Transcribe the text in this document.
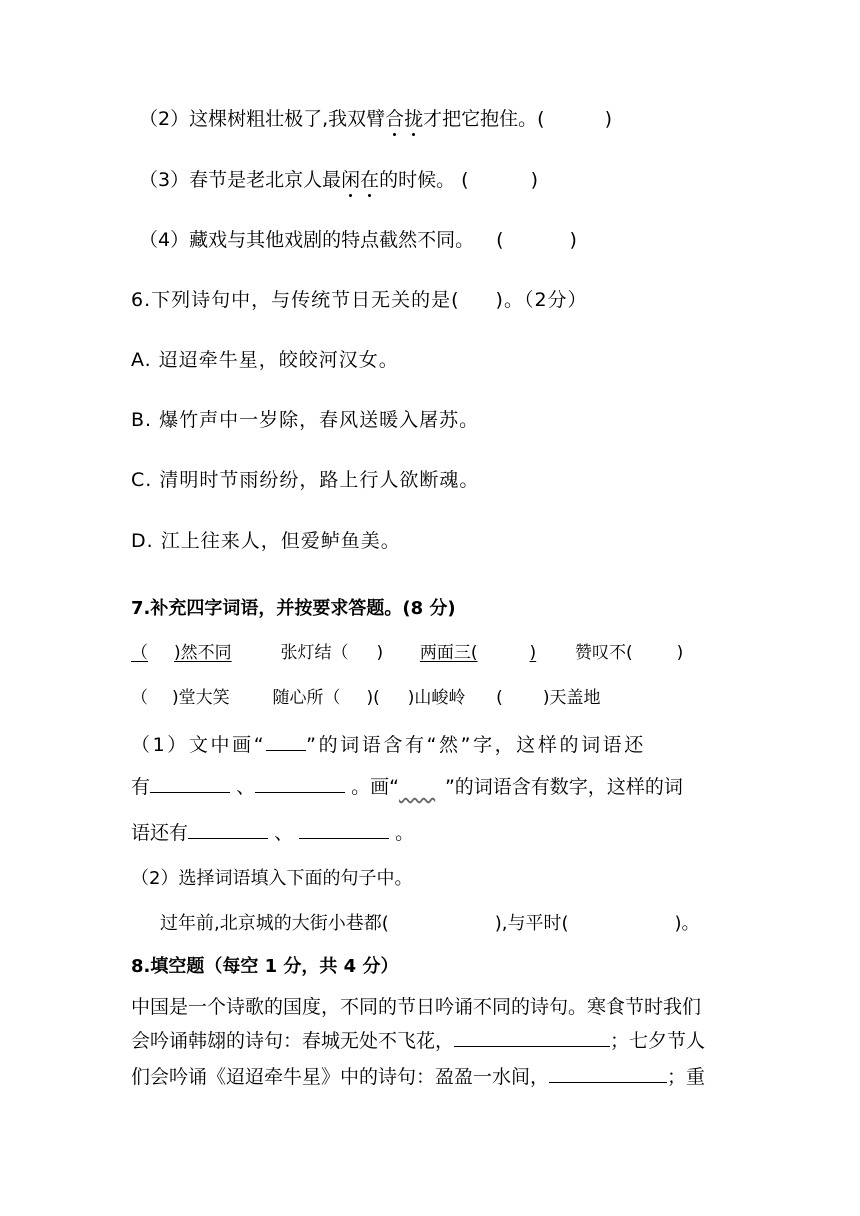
（2）这棵树粗壮极了,我双臂合拢才把它抱住。(	)
（3）春节是老北京人最闲在的时候。 (	)
（4）藏戏与其他戏剧的特点截然不同。 (	)
6.下列诗句中，与传统节日无关的是( )。（2分）
A. 迢迢牵牛星，皎皎河汉女。
B. 爆竹声中一岁除，春风送暖入屠苏。
C. 清明时节雨纷纷，路上行人欲断魂。
D. 江上往来人，但爱鲈鱼美。
7.补充四字词语，并按要求答题。(8 分)
（ )然不同	张灯结（ ) 两面三(	) 赞叹不(	)
（ )堂大笑	随心所（ )( )山峻岭 ( )天盖地
（1）文中画“ ”的词语含有“然”字，这样的词语还
有	、	。画“ ”的词语含有数字，这样的词
语还有	、	。
（2）选择词语填入下面的句子中。
过年前,北京城的大街小巷都(	),与平时(	)。
8.填空题（每空 1 分，共 4 分）
中国是一个诗歌的国度，不同的节日吟诵不同的诗句。寒食节时我们
会吟诵韩翃的诗句：春城无处不飞花，	；七夕节人
们会吟诵《迢迢牵牛星》中的诗句：盈盈一水间，	；重
